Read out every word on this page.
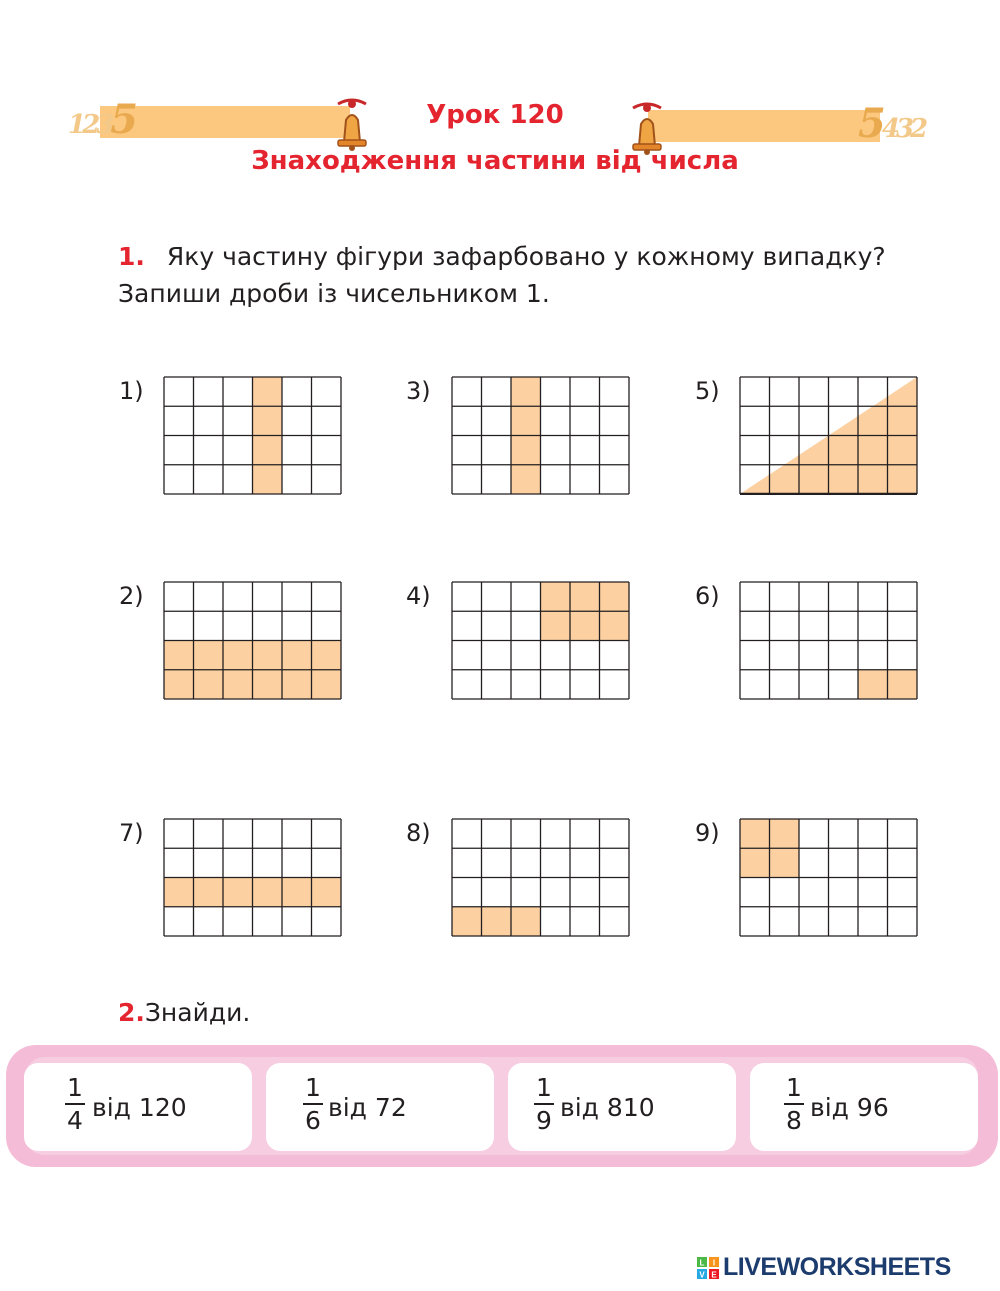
1235	5432
Урок 120
Знаходження частини від числа
1. Яку частину фігури зафарбовано у кожному випадку?
Запиши дроби із чисельником 1.
1)	3)	5)
2)	4)	6)
7)	8)	9)
2.Знайди.
1
4 від 120
1
6 від 72
1
9 від 810
1
8 від 96
L I
V E LIVEWORKSHEETS
